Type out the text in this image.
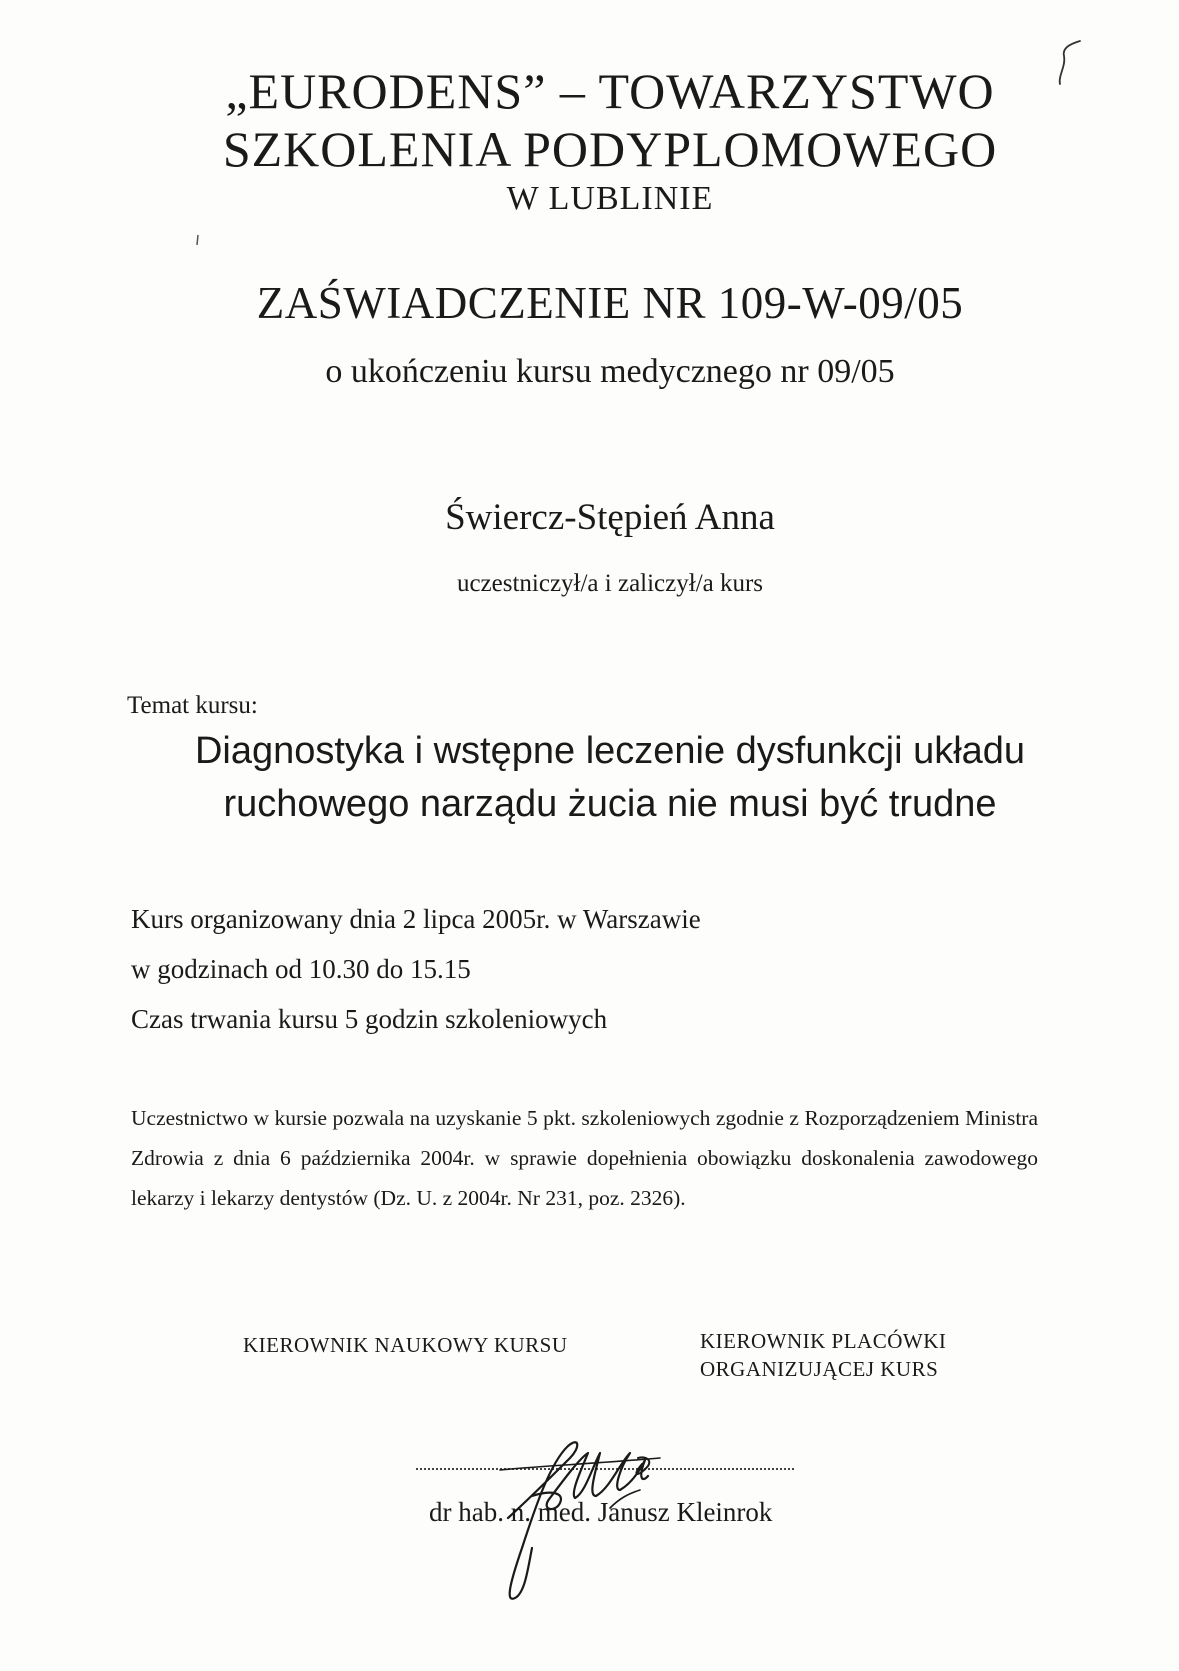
„EURODENS” – TOWARZYSTWO
SZKOLENIA PODYPLOMOWEGO
W LUBLINIE
ZAŚWIADCZENIE NR 109-W-09/05
o ukończeniu kursu medycznego nr 09/05
Świercz-Stępień Anna
uczestniczył/a i zaliczył/a kurs
Temat kursu:
Diagnostyka i wstępne leczenie dysfunkcji układu
ruchowego narządu żucia nie musi być trudne
Kurs organizowany dnia 2 lipca 2005r. w Warszawie
w godzinach od 10.30 do 15.15
Czas trwania kursu 5 godzin szkoleniowych
Uczestnictwo w kursie pozwala na uzyskanie 5 pkt. szkoleniowych zgodnie z Rozporządzeniem Ministra Zdrowia z dnia 6 października 2004r. w sprawie dopełnienia obowiązku doskonalenia zawodowego lekarzy i lekarzy dentystów (Dz. U. z 2004r. Nr 231, poz. 2326).
KIEROWNIK NAUKOWY KURSU	KIEROWNIK PLACÓWKI
ORGANIZUJĄCEJ KURS
dr hab. n. med. Janusz Kleinrok
